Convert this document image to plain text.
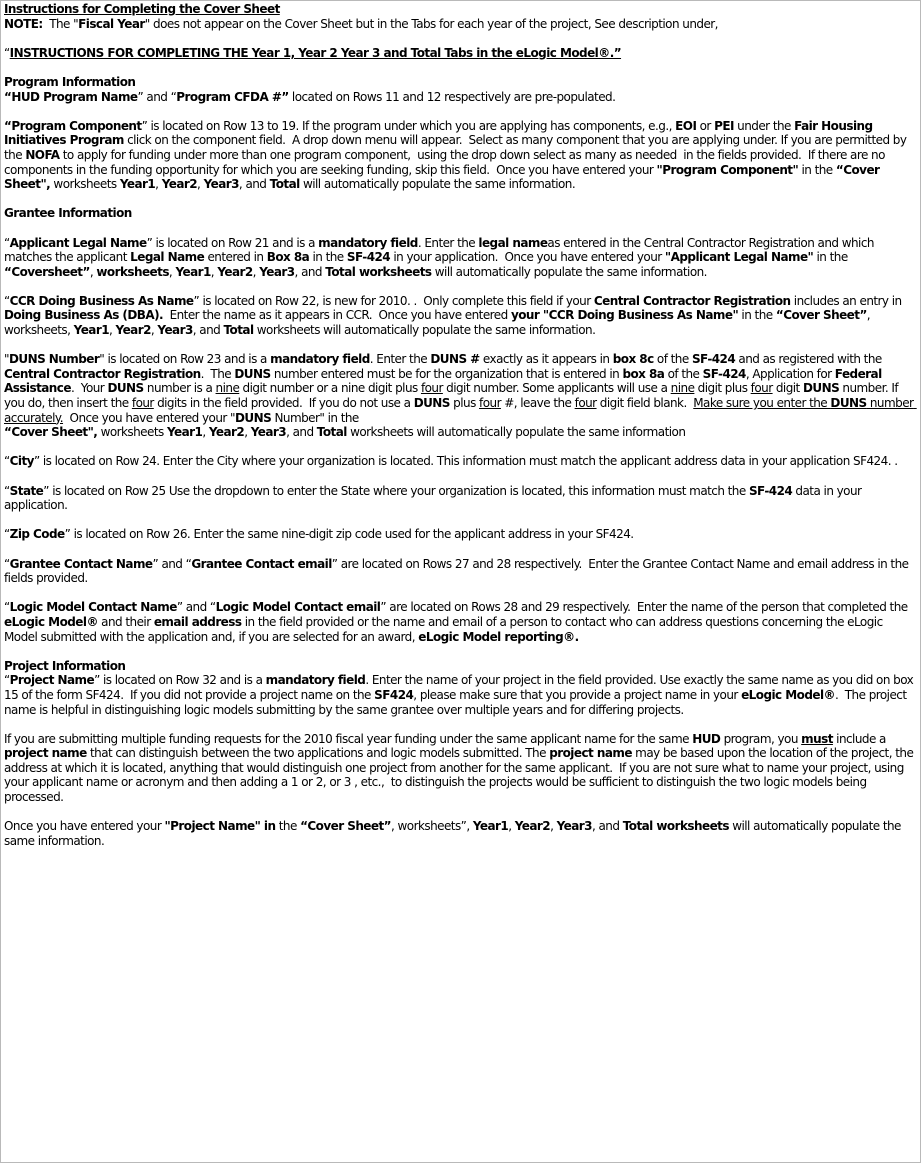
Instructions for Completing the Cover Sheet
NOTE:  The "Fiscal Year" does not appear on the Cover Sheet but in the Tabs for each year of the project, See description under,
“INSTRUCTIONS FOR COMPLETING THE Year 1, Year 2 Year 3 and Total Tabs in the eLogic Model®.”
Program Information
“HUD Program Name” and “Program CFDA #” located on Rows 11 and 12 respectively are pre-populated.
“Program Component” is located on Row 13 to 19. If the program under which you are applying has components, e.g., EOI or PEI under the Fair Housing Initiatives Program click on the component field.  A drop down menu will appear.  Select as many component that you are applying under. If you are permitted by the NOFA to apply for funding under more than one program component,  using the drop down select as many as needed  in the fields provided.  If there are no components in the funding opportunity for which you are seeking funding, skip this field.  Once you have entered your "Program Component" in the “Cover Sheet", worksheets Year1, Year2, Year3, and Total will automatically populate the same information.
Grantee Information
“Applicant Legal Name” is located on Row 21 and is a mandatory field. Enter the legal nameas entered in the Central Contractor Registration and which matches the applicant Legal Name entered in Box 8a in the SF-424 in your application.  Once you have entered your "Applicant Legal Name" in the “Coversheet”, worksheets, Year1, Year2, Year3, and Total worksheets will automatically populate the same information.
“CCR Doing Business As Name” is located on Row 22, is new for 2010. .  Only complete this field if your Central Contractor Registration includes an entry in Doing Business As (DBA).  Enter the name as it appears in CCR.  Once you have entered your "CCR Doing Business As Name" in the “Cover Sheet”, worksheets, Year1, Year2, Year3, and Total worksheets will automatically populate the same information.
"DUNS Number" is located on Row 23 and is a mandatory field. Enter the DUNS # exactly as it appears in box 8c of the SF-424 and as registered with the Central Contractor Registration.  The DUNS number entered must be for the organization that is entered in box 8a of the SF-424, Application for Federal Assistance.  Your DUNS number is a nine digit number or a nine digit plus four digit number. Some applicants will use a nine digit plus four digit DUNS number. If you do, then insert the four digits in the field provided.  If you do not use a DUNS plus four #, leave the four digit field blank.  Make sure you enter the DUNS number accurately.  Once you have entered your "DUNS Number" in the
“Cover Sheet", worksheets Year1, Year2, Year3, and Total worksheets will automatically populate the same information
“City” is located on Row 24. Enter the City where your organization is located. This information must match the applicant address data in your application SF424. .
“State” is located on Row 25 Use the dropdown to enter the State where your organization is located, this information must match the SF-424 data in your application.
“Zip Code” is located on Row 26. Enter the same nine-digit zip code used for the applicant address in your SF424.
“Grantee Contact Name” and “Grantee Contact email” are located on Rows 27 and 28 respectively.  Enter the Grantee Contact Name and email address in the fields provided.
“Logic Model Contact Name” and “Logic Model Contact email” are located on Rows 28 and 29 respectively.  Enter the name of the person that completed the eLogic Model® and their email address in the field provided or the name and email of a person to contact who can address questions concerning the eLogic Model submitted with the application and, if you are selected for an award, eLogic Model reporting®.
Project Information
“Project Name” is located on Row 32 and is a mandatory field. Enter the name of your project in the field provided. Use exactly the same name as you did on box 15 of the form SF424.  If you did not provide a project name on the SF424, please make sure that you provide a project name in your eLogic Model®.  The project name is helpful in distinguishing logic models submitting by the same grantee over multiple years and for differing projects.
If you are submitting multiple funding requests for the 2010 fiscal year funding under the same applicant name for the same HUD program, you must include a project name that can distinguish between the two applications and logic models submitted. The project name may be based upon the location of the project, the address at which it is located, anything that would distinguish one project from another for the same applicant.  If you are not sure what to name your project, using your applicant name or acronym and then adding a 1 or 2, or 3 , etc.,  to distinguish the projects would be sufficient to distinguish the two logic models being processed.
Once you have entered your "Project Name" in the “Cover Sheet”, worksheets”, Year1, Year2, Year3, and Total worksheets will automatically populate the same information.
